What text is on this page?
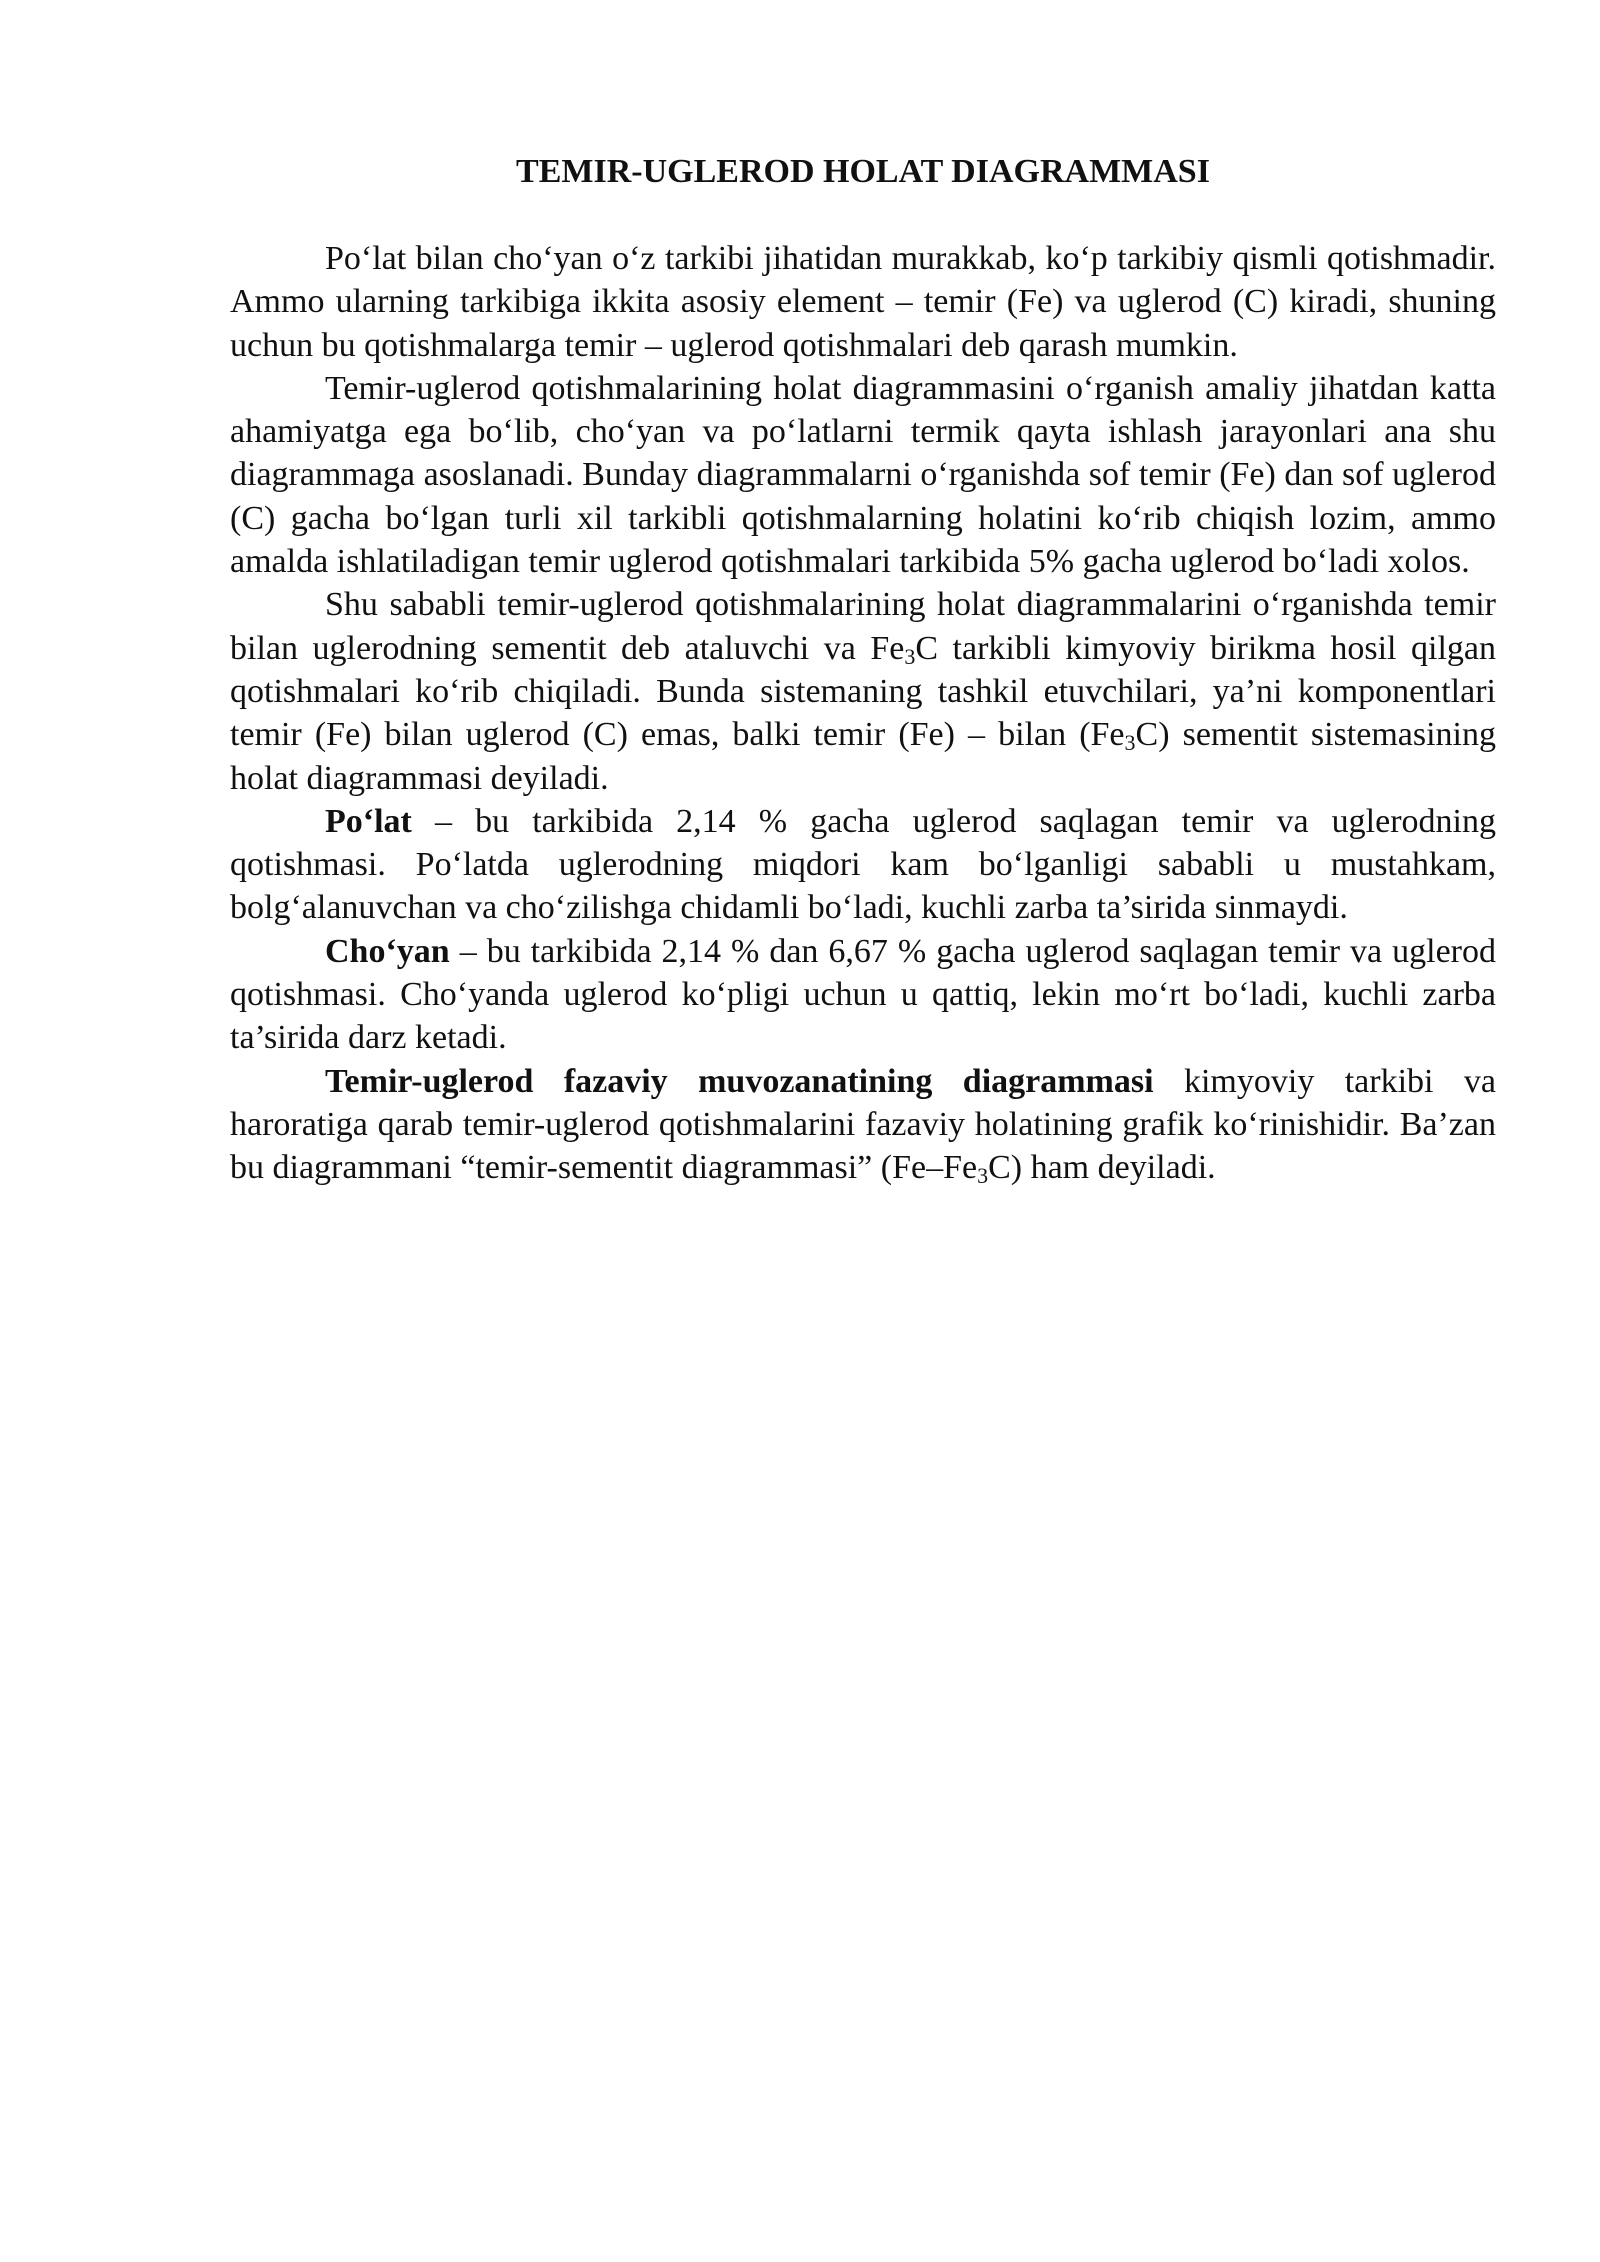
TEMIR-UGLEROD HOLAT DIAGRAMMASI

Po‘lat bilan cho‘yan o‘z tarkibi jihatidan murakkab, ko‘p tarkibiy qismli qotishmadir. Ammo ularning tarkibiga ikkita asosiy element – temir (Fe) va uglerod (C) kiradi, shuning uchun bu qotishmalarga temir – uglerod qotishmalari deb qarash mumkin.

Temir-uglerod qotishmalarining holat diagrammasini o‘rganish amaliy jihatdan katta ahamiyatga ega bo‘lib, cho‘yan va po‘latlarni termik qayta ishlash jarayonlari ana shu diagrammaga asoslanadi. Bunday diagrammalarni o‘rganishda sof temir (Fe) dan sof uglerod (C) gacha bo‘lgan turli xil tarkibli qotishmalarning holatini ko‘rib chiqish lozim, ammo amalda ishlatiladigan temir uglerod qotishmalari tarkibida 5% gacha uglerod bo‘ladi xolos.

Shu sababli temir-uglerod qotishmalarining holat diagrammalarini o‘rganishda temir bilan uglerodning sementit deb ataluvchi va $Fe_3C$ tarkibli kimyoviy birikma hosil qilgan qotishmalari ko‘rib chiqiladi. Bunda sistemaning tashkil etuvchilari, ya’ni komponentlari temir (Fe) bilan uglerod (C) emas, balki temir (Fe) – bilan $(Fe_3C)$ sementit sistemasining holat diagrammasi deyiladi.

Po‘lat – bu tarkibida 2,14 % gacha uglerod saqlagan temir va uglerodning qotishmasi. Po‘latda uglerodning miqdori kam bo‘lganligi sababli u mustahkam, bolg‘alanuvchan va cho‘zilishga chidamli bo‘ladi, kuchli zarba ta’sirida sinmaydi.

Cho‘yan – bu tarkibida 2,14 % dan 6,67 % gacha uglerod saqlagan temir va uglerod qotishmasi. Cho‘yanda uglerod ko‘pligi uchun u qattiq, lekin mo‘rt bo‘ladi, kuchli zarba ta’sirida darz ketadi.

Temir-uglerod fazaviy muvozanatining diagrammasi kimyoviy tarkibi va haroratiga qarab temir-uglerod qotishmalarini fazaviy holatining grafik ko‘rinishidir. Ba’zan bu diagrammani “temir-sementit diagrammasi” $(Fe-Fe_3C)$ ham deyiladi.
